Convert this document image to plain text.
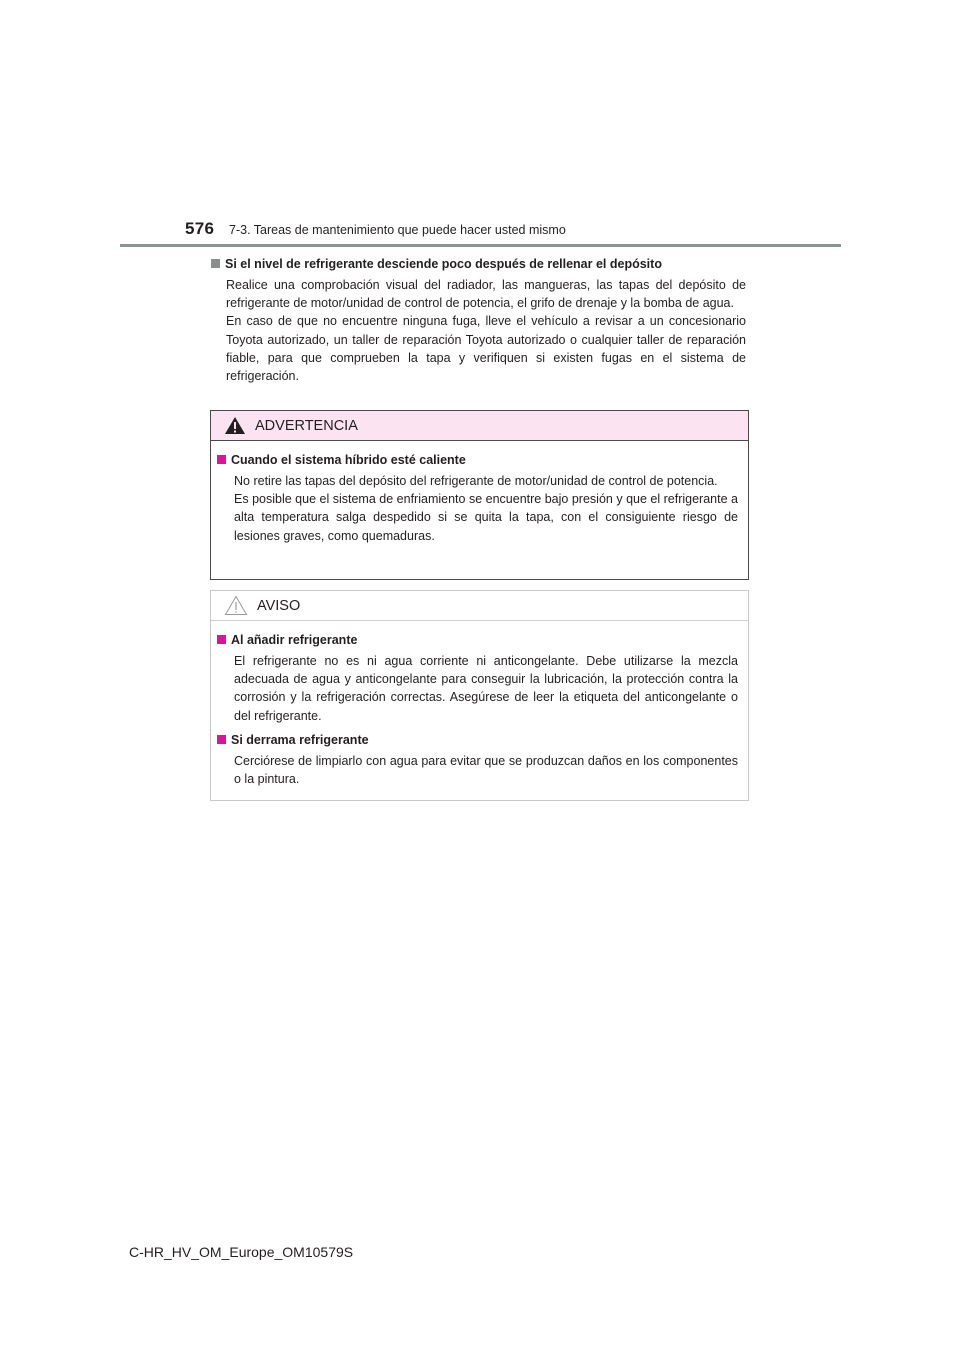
576 7-3. Tareas de mantenimiento que puede hacer usted mismo
Si el nivel de refrigerante desciende poco después de rellenar el depósito

Realice una comprobación visual del radiador, las mangueras, las tapas del depósito de refrigerante de motor/unidad de control de potencia, el grifo de drenaje y la bomba de agua.

En caso de que no encuentre ninguna fuga, lleve el vehículo a revisar a un concesionario Toyota autorizado, un taller de reparación Toyota autorizado o cualquier taller de reparación fiable, para que comprueben la tapa y verifiquen si existen fugas en el sistema de refrigeración.

ADVERTENCIA
Cuando el sistema híbrido esté caliente

No retire las tapas del depósito del refrigerante de motor/unidad de control de potencia.

Es posible que el sistema de enfriamiento se encuentre bajo presión y que el refrigerante a alta temperatura salga despedido si se quita la tapa, con el consiguiente riesgo de lesiones graves, como quemaduras.

AVISO
Al añadir refrigerante

El refrigerante no es ni agua corriente ni anticongelante. Debe utilizarse la mezcla adecuada de agua y anticongelante para conseguir la lubricación, la protección contra la corrosión y la refrigeración correctas. Asegúrese de leer la etiqueta del anticongelante o del refrigerante.

Si derrama refrigerante

Cerciórese de limpiarlo con agua para evitar que se produzcan daños en los componentes o la pintura.

C-HR_HV_OM_Europe_OM10579S
